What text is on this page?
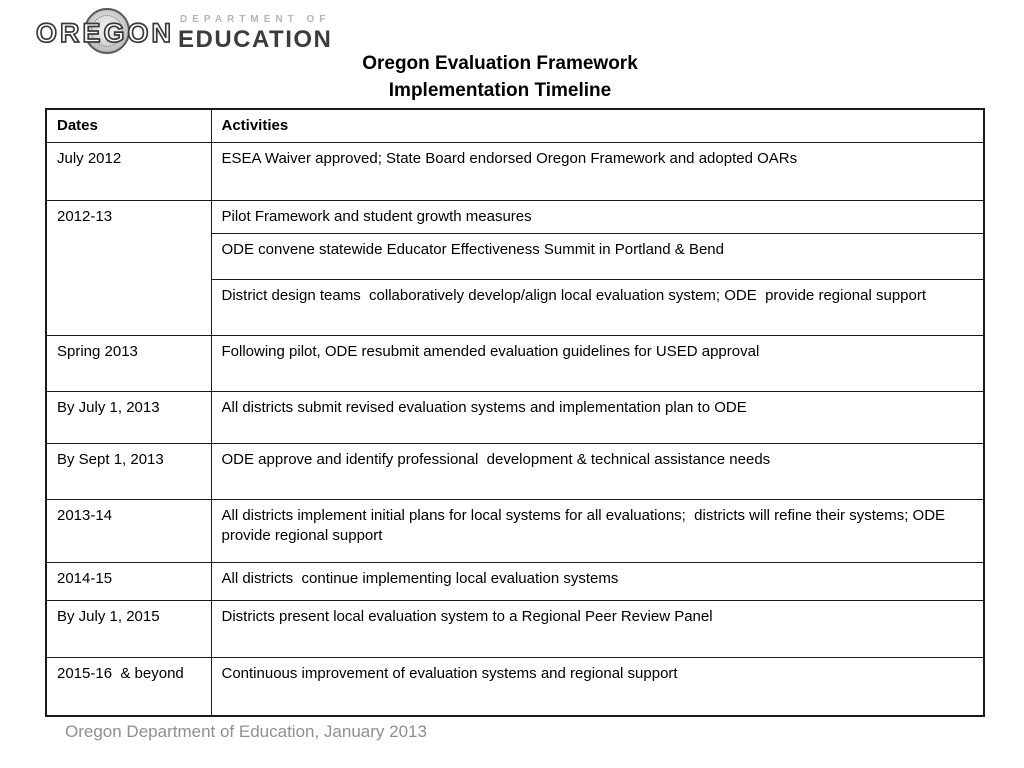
OREGON DEPARTMENT OF
EDUCATION
Oregon Evaluation Framework
Implementation Timeline
Dates	Activities
July 2012	ESEA Waiver approved; State Board endorsed Oregon Framework and adopted OARs
2012-13	Pilot Framework and student growth measures
	ODE convene statewide Educator Effectiveness Summit in Portland & Bend
	District design teams  collaboratively develop/align local evaluation system; ODE  provide regional support
Spring 2013	Following pilot, ODE resubmit amended evaluation guidelines for USED approval
By July 1, 2013	All districts submit revised evaluation systems and implementation plan to ODE
By Sept 1, 2013	ODE approve and identify professional  development & technical assistance needs
2013-14	All districts implement initial plans for local systems for all evaluations;  districts will refine their systems; ODE provide regional support
2014-15	All districts  continue implementing local evaluation systems
By July 1, 2015	Districts present local evaluation system to a Regional Peer Review Panel
2015-16  & beyond	Continuous improvement of evaluation systems and regional support
Oregon Department of Education, January 2013
